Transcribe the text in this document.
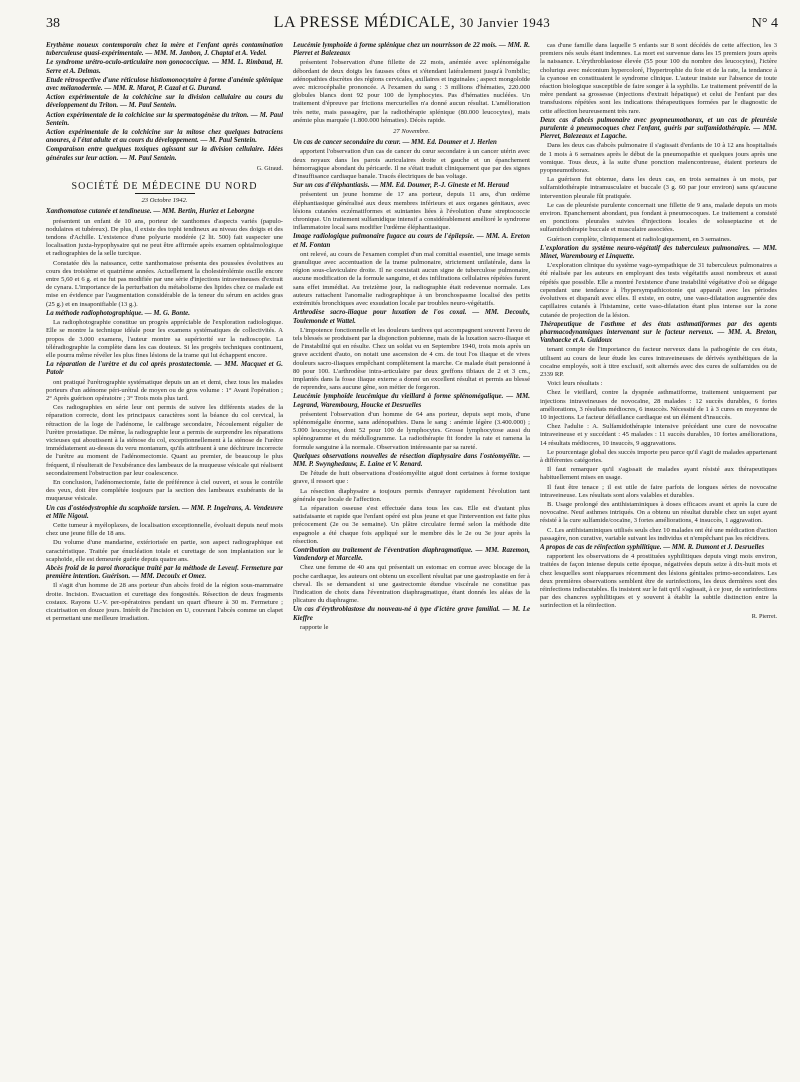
38	LA PRESSE MÉDICALE, 30 Janvier 1943	N° 4

Erythème noueux contemporain chez la mère et l'enfant après contamination tuberculeuse quasi-expérimentale. — MM. M. Janbon, J. Chaptal et A. Vedel.

Le syndrome urétro-oculo-articulaire non gonococcique. — MM. L. Rimbaud, H. Serre et A. Delmas.

Etude rétrospective d'une réticulose histiomonocytaire à forme d'anémie splénique avec mélanodermie. — MM. R. Marot, P. Cazal et G. Durand.

Action expérimentale de la colchicine sur la division cellulaire au cours du développement du Triton. — M. Paul Sentein.

Action expérimentale de la colchicine sur la spermatogénèse du triton. — M. Paul Sentein.

Action expérimentale de la colchicine sur la mitose chez quelques batraciens anoures, à l'état adulte et au cours du développement. — M. Paul Sentein.

Comparaison entre quelques toxiques agissant sur la division cellulaire. Idées générales sur leur action. — M. Paul Sentein.

G. Giraud.

SOCIÉTÉ DE MÉDECINE DU NORD

23 Octobre 1942.

Xanthomatose cutanée et tendineuse. — MM. Bertin, Huriez et Leborgne

présentent un enfant de 10 ans, porteur de xanthomes d'aspects variés (papulo-nodulaires et tubéreux). De plus, il existe des tophi tendineux au niveau des doigts et des tendons d'Achille. L'existence d'une polyurie modérée (2 lit. 500) fait suspecter une localisation juxta-hypophysaire qui ne peut être affirmée après examen ophtalmologique et radiographies de la selle turcique.

Constatée dès la naissance, cette xanthomatose présenta des poussées évolutives au cours des troisième et quatrième années. Actuellement la cholestérolémie oscille encore entre 5,60 et 6 g. et ne fut pas modifiée par une série d'injections intraveineuses d'extrait de cynara. L'importance de la perturbation du métabolisme des lipides chez ce malade est mise en évidence par l'augmentation considérable de la teneur du sérum en acides gras (25 g.) et en insaponifiable (13 g.).

La méthode radiophotographique. — M. G. Bonte.

La radiophotographie constitue un progrès appréciable de l'exploration radiologique. Elle se montre la technique idéale pour les examens systématiques de collectivités. A propos de 3.000 examens, l'auteur montre sa supériorité sur la radioscopie. La téléradiographie la complète dans les cas douteux. Si les progrès techniques continuent, elle pourra même révéler les plus fines lésions de la trame qui lui échappent encore.

La réparation de l'urètre et du col après prostatectomie. — MM. Macquet et G. Patoir

ont pratiqué l'urétrographie systématique depuis un an et demi, chez tous les malades porteurs d'un adénome péri-urétral de moyen ou de gros volume : 1° Avant l'opération ; 2° Après guérison opératoire ; 3° Trois mois plus tard.

Ces radiographies en série leur ont permis de suivre les différents stades de la réparation correcte, dont les principaux caractères sont la béance du col cervical, la rétraction de la loge de l'adénome, le calibrage secondaire, l'écoulement régulier de l'urètre prostatique. De même, la radiographie leur a permis de surprendre les réparations vicieuses qui aboutissent à la sténose du col, exceptionnellement à la sténose de l'urètre immédiatement au-dessus du veru montanum, qu'ils attribuent à une déchirure incorrecte de l'urètre au moment de l'adénomectomie. Quant au premier, de beaucoup le plus fréquent, il résulterait de l'exubérance des lambeaux de la muqueuse vésicale qui réalisent secondairement l'obstruction par leur coalescence.

En conclusion, l'adénomectomie, faite de préférence à ciel ouvert, et sous le contrôle des yeux, doit être complétée toujours par la section des lambeaux exubérants de la muqueuse vésicale.

Un cas d'ostéodystrophie du scaphoïde tarsien. — MM. P. Ingelrans, A. Vendeuvre et Mlle Nigoul.

Cette tumeur à myéloplaxes, de localisation exceptionnelle, évoluait depuis neuf mois chez une jeune fille de 18 ans.

Du volume d'une mandarine, extériorisée en partie, son aspect radiographique est caractéristique. Traitée par énucléation totale et curettage de son implantation sur le scaphoïde, elle est demeurée guérie depuis quatre ans.

Abcès froid de la paroi thoracique traité par la méthode de Leveuf. Fermeture par première intention. Guérison. — MM. Decoulx et Omez.

Il s'agit d'un homme de 28 ans porteur d'un abcès froid de la région sous-mammaire droite. Incision. Evacuation et curettage des fongosités. Résection de deux fragments costaux. Rayons U.-V. per-opératoires pendant un quart d'heure à 30 m. Fermeture ; cicatrisation en douze jours. Intérêt de l'incision en U, couvrant l'abcès comme un clapet et permettant une meilleure irradiation.

Leucémie lymphoïde à forme splénique chez un nourrisson de 22 mois. — MM. R. Pierret et Balezeaux

présentent l'observation d'une fillette de 22 mois, anémiée avec splénomégalie débordant de deux doigts les fausses côtes et s'étendant latéralement jusqu'à l'ombilic; adénopathies discrètes des régions cervicales, axillaires et inguinales ; aspect mongoloïde avec microcéphalie prononcée. A l'examen du sang : 3 millions d'hématies, 220.000 globules blancs dont 92 pour 100 de lymphocytes. Pas d'hématies nucléées. Un traitement d'épreuve par frictions mercurielles n'a donné aucun résultat. L'amélioration très nette, mais passagère, par la radiothérapie splénique (80.000 leucocytes), mais anémie plus marquée (1.800.000 hématies). Décès rapide.

27 Novembre.

Un cas de cancer secondaire du cœur. — MM. Ed. Doumer et J. Herlen

apportent l'observation d'un cas de cancer du cœur secondaire à un cancer utérin avec deux noyaux dans les parois auriculaires droite et gauche et un épanchement hémorragique abondant du péricarde. Il ne s'était traduit cliniquement que par des signes d'insuffisance cardiaque banale. Tracés électriques de bas voltage.

Sur un cas d'éléphantiasis. — MM. Ed. Doumer, P.-J. Gineste et M. Heraud

présentent un jeune homme de 17 ans porteur, depuis 11 ans, d'un œdème éléphantiasique généralisé aux deux membres inférieurs et aux organes génitaux, avec lésions cutanées eczématiformes et suintantes liées à l'évolution d'une streptococcie chronique. Un traitement sulfamidique intensif a considérablement amélioré le syndrome inflammatoire local sans modifier l'œdème éléphantiasique.

Image radiologique pulmonaire fugace au cours de l'épilepsie. — MM. A. Ereton et M. Fontan

ont relevé, au cours de l'examen complet d'un mal comitial essentiel, une image semis granulique avec accentuation de la trame pulmonaire, strictement unilatérale, dans la région sous-claviculaire droite. Il ne coexistait aucun signe de tuberculose pulmonaire, aucune modification de la formule sanguine, et des infiltrations cellulaires répétées furent sans effet immédiat. Au treizième jour, la radiographie était redevenue normale. Les auteurs rattachent l'anomalie radiographique à un bronchospasme localisé des petits extrémités bronchiques avec exsudation locale par troubles neuro-végétatifs.

Arthrodèse sacro-iliaque pour luxation de l'os coxal. — MM. Decoulx, Toulemonde et Wattel.

L'impotence fonctionnelle et les douleurs tardives qui accompagnent souvent l'aveu de tels blessés se produisent par la disjonction pubienne, mais de la luxation sacro-iliaque et de l'instabilité qui en résulte. Chez un soldat vu en Septembre 1940, trois mois après un grave accident d'auto, on notait une ascension de 4 cm. de tout l'os iliaque et de vives douleurs sacro-iliaques empêchant complètement la marche. Ce malade était pensionné à 80 pour 100. L'arthrodèse intra-articulaire par deux greffons tibiaux de 2 et 3 cm., implantés dans la fosse iliaque externe a donné un excellent résultat et permis au blessé de reprendre, sans aucune gêne, son métier de forgeron.

Leucémie lymphoïde leucémique du vieillard à forme splénomégalique. — MM. Legrand, Warembourg, Houcke et Desruelles

présentent l'observation d'un homme de 64 ans porteur, depuis sept mois, d'une splénomégalie énorme, sans adénopathies. Dans le sang : anémie légère (3.400.000) ; 5.000 leucocytes, dont 52 pour 100 de lymphocytes. Grosse lymphocytose aussi du splénogramme et du médullogramme. La radiothérapie fit fondre la rate et ramena la formule sanguine à la normale. Observation intéressante par sa rareté.

Quelques observations nouvelles de résection diaphysaire dans l'ostéomyélite. — MM. P. Swynghedauw, E. Laine et V. Renard.

De l'étude de huit observations d'ostéomyélite aiguë dont certaines à forme toxique grave, il ressort que :

La résection diaphysaire a toujours permis d'enrayer rapidement l'évolution tant générale que locale de l'affection.

La réparation osseuse s'est effectuée dans tous les cas. Elle est d'autant plus satisfaisante et rapide que l'enfant opéré est plus jeune et que l'intervention est faite plus précocement (2e ou 3e semaine). Un plâtre circulaire fermé selon la méthode dite espagnole a été chaque fois appliqué sur le membre dès le 2e ou 3e jour après la résection.

Contribution au traitement de l'éventration diaphragmatique. — MM. Razemon, Vandendorp et Marcelle.

Chez une femme de 40 ans qui présentait un estomac en cornue avec blocage de la poche cardiaque, les auteurs ont obtenu un excellent résultat par une gastroplastie en fer à cheval. Ils se demandent si une gastrectomie étendue viscérale ne constitue pas l'indication de choix dans l'éventration diaphragmatique, étant donnés les aléas de la plicature du diaphragme.

Un cas d'érythroblastose du nouveau-né à type d'ictère grave familial. — M. Le Kieffre

rapporte le

cas d'une famille dans laquelle 5 enfants sur 8 sont décédés de cette affection, les 3 premiers nés seuls étant indemnes. La mort est survenue dans les 15 premiers jours après la naissance. L'érythroblastose élevée (55 pour 100 du nombre des leucocytes), l'ictère choluriqu avec méconium hypercoloré, l'hypertrophie du foie et de la rate, la tendance à la cyanose en constituaient le syndrome clinique. L'auteur insiste sur l'absence de toute réaction biologique susceptible de faire songer à la syphilis. Le traitement préventif de la mère pendant sa grossesse (injections d'extrait hépatique) et celui de l'enfant par des transfusions répétées sont les indications thérapeutiques formées par le diagnostic de cette affection heureusement très rare.

Deux cas d'abcès pulmonaire avec pyopneumothorax, et un cas de pleurésie purulente à pneumocoques chez l'enfant, guéris par sulfamidothérapie. — MM. Pierret, Balezeaux et Lagache.

Dans les deux cas d'abcès pulmonaire il s'agissait d'enfants de 10 à 12 ans hospitalisés de 1 mois à 6 semaines après le début de la pneumopathie et quelques jours après une vomique. Tous deux, à la suite d'une ponction malencontreuse, étaient porteurs de pyopneumothorax.

La guérison fut obtenue, dans les deux cas, en trois semaines à un mois, par sulfamidothérapie intramusculaire et buccale (3 g. 60 par jour environ) sans qu'aucune intervention pleurale fût pratiquée.

Le cas de pleurésie purulente concernait une fillette de 9 ans, malade depuis un mois environ. Epanchement abondant, pus fondant à pneumocoques. Le traitement a consisté en ponctions pleurales suivies d'injections locales de soluseptazine et de sulfamidothérapie buccale et musculaire associées.

Guérison complète, cliniquement et radiologiquement, en 3 semaines.

L'exploration du système neuro-végétatif des tuberculeux pulmonaires. — MM. Minet, Warembourg et Linquette.

L'exploration clinique du système vago-sympathique de 31 tuberculeux pulmonaires a été réalisée par les auteurs en employant des tests végétatifs aussi nombreux et aussi répétés que possible. Elle a montré l'existence d'une instabilité végétative d'où se dégage cependant une tendance à l'hypersympathicotonie qui apparaît avec les périodes évolutives et disparaît avec elles. Il existe, en outre, une vaso-dilatation augmentée des capillaires cutanés à l'histamine, cette vaso-dilatation étant plus intense sur la zone cutanée de projection de la lésion.

Thérapeutique de l'asthme et des états asthmatiformes par des agents pharmacodynamiques intervenant sur le facteur nerveux. — MM. A. Breton, Vanhaecke et A. Guidoux

tenant compte de l'importance du facteur nerveux dans la pathogénie de ces états, utilisent au cours de leur étude les cures intraveineuses de dérivés synthétiques de la cocaïne employés, soit à titre exclusif, soit alternés avec des cures de sulfamides ou de 2339 RP.

Voici leurs résultats :

Chez le vieillard, contre la dyspnée asthmatiforme, traitement uniquement par injections intraveineuses de novocaïne, 28 malades : 12 succès durables, 6 fortes améliorations, 3 résultats médiocres, 6 insuccès. Nécessité de 1 à 3 cures en moyenne de 10 injections. Le facteur défaillance cardiaque est un élément d'insuccès.

Chez l'adulte : A. Sulfamidothérapie intensive précédant une cure de novocaïne intraveineuse et y succédant : 45 malades : 11 succès durables, 10 fortes améliorations, 14 résultats médiocres, 10 insuccès, 9 aggravations.

Le pourcentage global des succès importe peu parce qu'il s'agit de malades appartenant à différentes catégories.

Il faut remarquer qu'il s'agissait de malades ayant résisté aux thérapeutiques habituellement mises en usage.

Il faut être tenace ; il est utile de faire parfois de longues séries de novocaïne intraveineuse. Les résultats sont alors valables et durables.

B. Usage prolongé des antihistaminiques à doses efficaces avant et après la cure de novocaïne. Neuf asthmes intriqués. On a obtenu un résultat durable chez un sujet ayant résisté à la cure sulfamide/cocaïne, 3 fortes améliorations, 4 insuccès, 1 aggravation.

C. Les antihistaminiques utilisés seuls chez 10 malades ont été une médication d'action passagère, non curative, variable suivant les individus et n'empêchant pas les récidives.

A propos de cas de réinfection syphilitique. — MM. R. Dumont et J. Desruelles

rapportent les observations de 4 prostituées syphilitiques depuis vingt mois environ, traitées de façon intense depuis cette époque, négativées depuis seize à dix-huit mois et chez lesquelles sont réapparues récemment des lésions génitales primo-secondaires. Les deux premières observations semblent être de surinfections, les deux dernières sont des réinfections indiscutables. Ils insistent sur le fait qu'il s'agissait, à ce jour, de surinfections par des chancres syphilitiques et y souvent à établir la subtile distinction entre la surinfection et la réinfection.

R. Pierret.
